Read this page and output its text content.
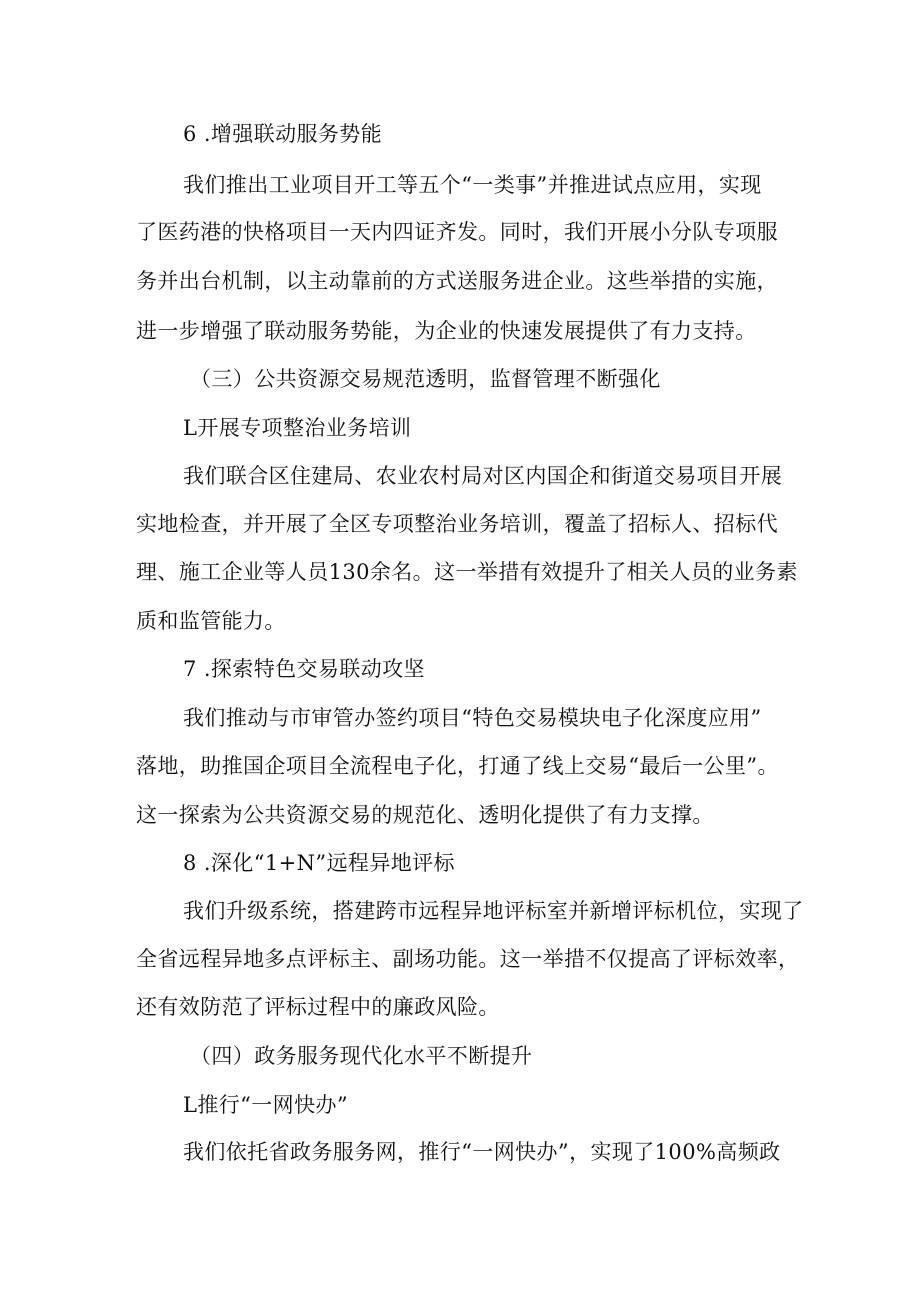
6 .增强联动服务势能
我们推出工业项目开工等五个“一类事”并推进试点应用，实现
了医药港的快格项目一天内四证齐发。同时，我们开展小分队专项服
务并出台机制，以主动靠前的方式送服务进企业。这些举措的实施，
进一步增强了联动服务势能，为企业的快速发展提供了有力支持。
（三）公共资源交易规范透明，监督管理不断强化
L开展专项整治业务培训
我们联合区住建局、农业农村局对区内国企和街道交易项目开展
实地检查，并开展了全区专项整治业务培训，覆盖了招标人、招标代
理、施工企业等人员130余名。这一举措有效提升了相关人员的业务素
质和监管能力。
7 .探索特色交易联动攻坚
我们推动与市审管办签约项目“特色交易模块电子化深度应用”
落地，助推国企项目全流程电子化，打通了线上交易“最后一公里”。
这一探索为公共资源交易的规范化、透明化提供了有力支撑。
8 .深化“1+N”远程异地评标
我们升级系统，搭建跨市远程异地评标室并新增评标机位，实现了
全省远程异地多点评标主、副场功能。这一举措不仅提高了评标效率，
还有效防范了评标过程中的廉政风险。
（四）政务服务现代化水平不断提升
L推行“一网快办”
我们依托省政务服务网，推行“一网快办”，实现了100%高频政
